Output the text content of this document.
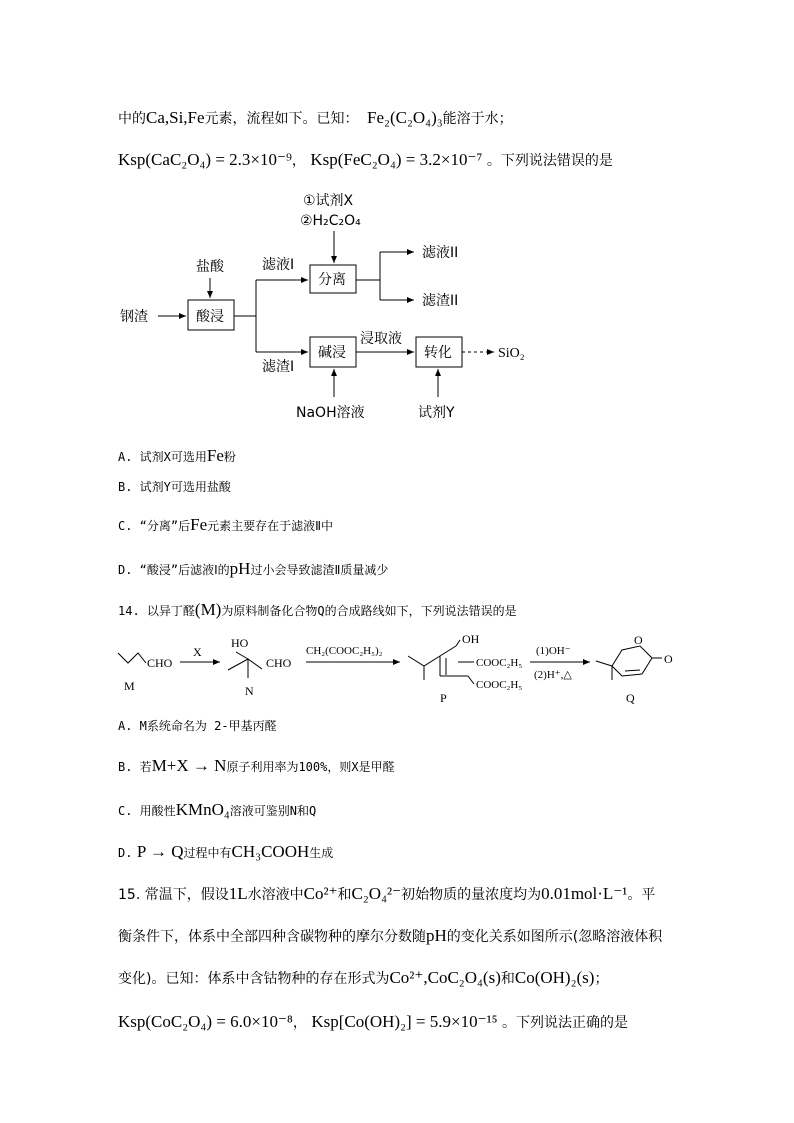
中的Ca,Si,Fe元素，流程如下。已知： Fe₂(C₂O₄)₃能溶于水；
Ksp(CaC₂O₄) = 2.3×10⁻⁹， Ksp(FeC₂O₄) = 3.2×10⁻⁷ 。下列说法错误的是
①试剂X
②H₂C₂O₄
盐酸
钢渣	酸浸
滤液I
滤渣I
分离
滤液II
滤渣II
碱浸
NaOH溶液
浸取液
转化
试剂Y
SiO₂
A. 试剂X可选用Fe粉
B. 试剂Y可选用盐酸
C. “分离”后Fe元素主要存在于滤液Ⅱ中
D. “酸浸”后滤液Ⅰ的pH过小会导致滤渣Ⅱ质量减少
14. 以异丁醛(M)为原料制备化合物Q的合成路线如下，下列说法错误的是
CHO
M
X
HO
CHO
N
CH₂(COOC₂H₅)₂
OH
COOC₂H₅
COOC₂H₅
P
(1)OH⁻
(2)H⁺,△
O
O
Q
A. M系统命名为 2-甲基丙醛
B. 若M+X → N原子利用率为100%，则X是甲醛
C. 用酸性KMnO₄溶液可鉴别N和Q
D. P → Q过程中有CH₃COOH生成
15. 常温下，假设1L水溶液中Co²⁺和C₂O₄²⁻初始物质的量浓度均为0.01mol·L⁻¹。平
衡条件下，体系中全部四种含碳物种的摩尔分数随pH的变化关系如图所示(忽略溶液体积
变化)。已知：体系中含钴物种的存在形式为Co²⁺,CoC₂O₄(s)和Co(OH)₂(s)；
Ksp(CoC₂O₄) = 6.0×10⁻⁸， Ksp[Co(OH)₂] = 5.9×10⁻¹⁵ 。下列说法正确的是
